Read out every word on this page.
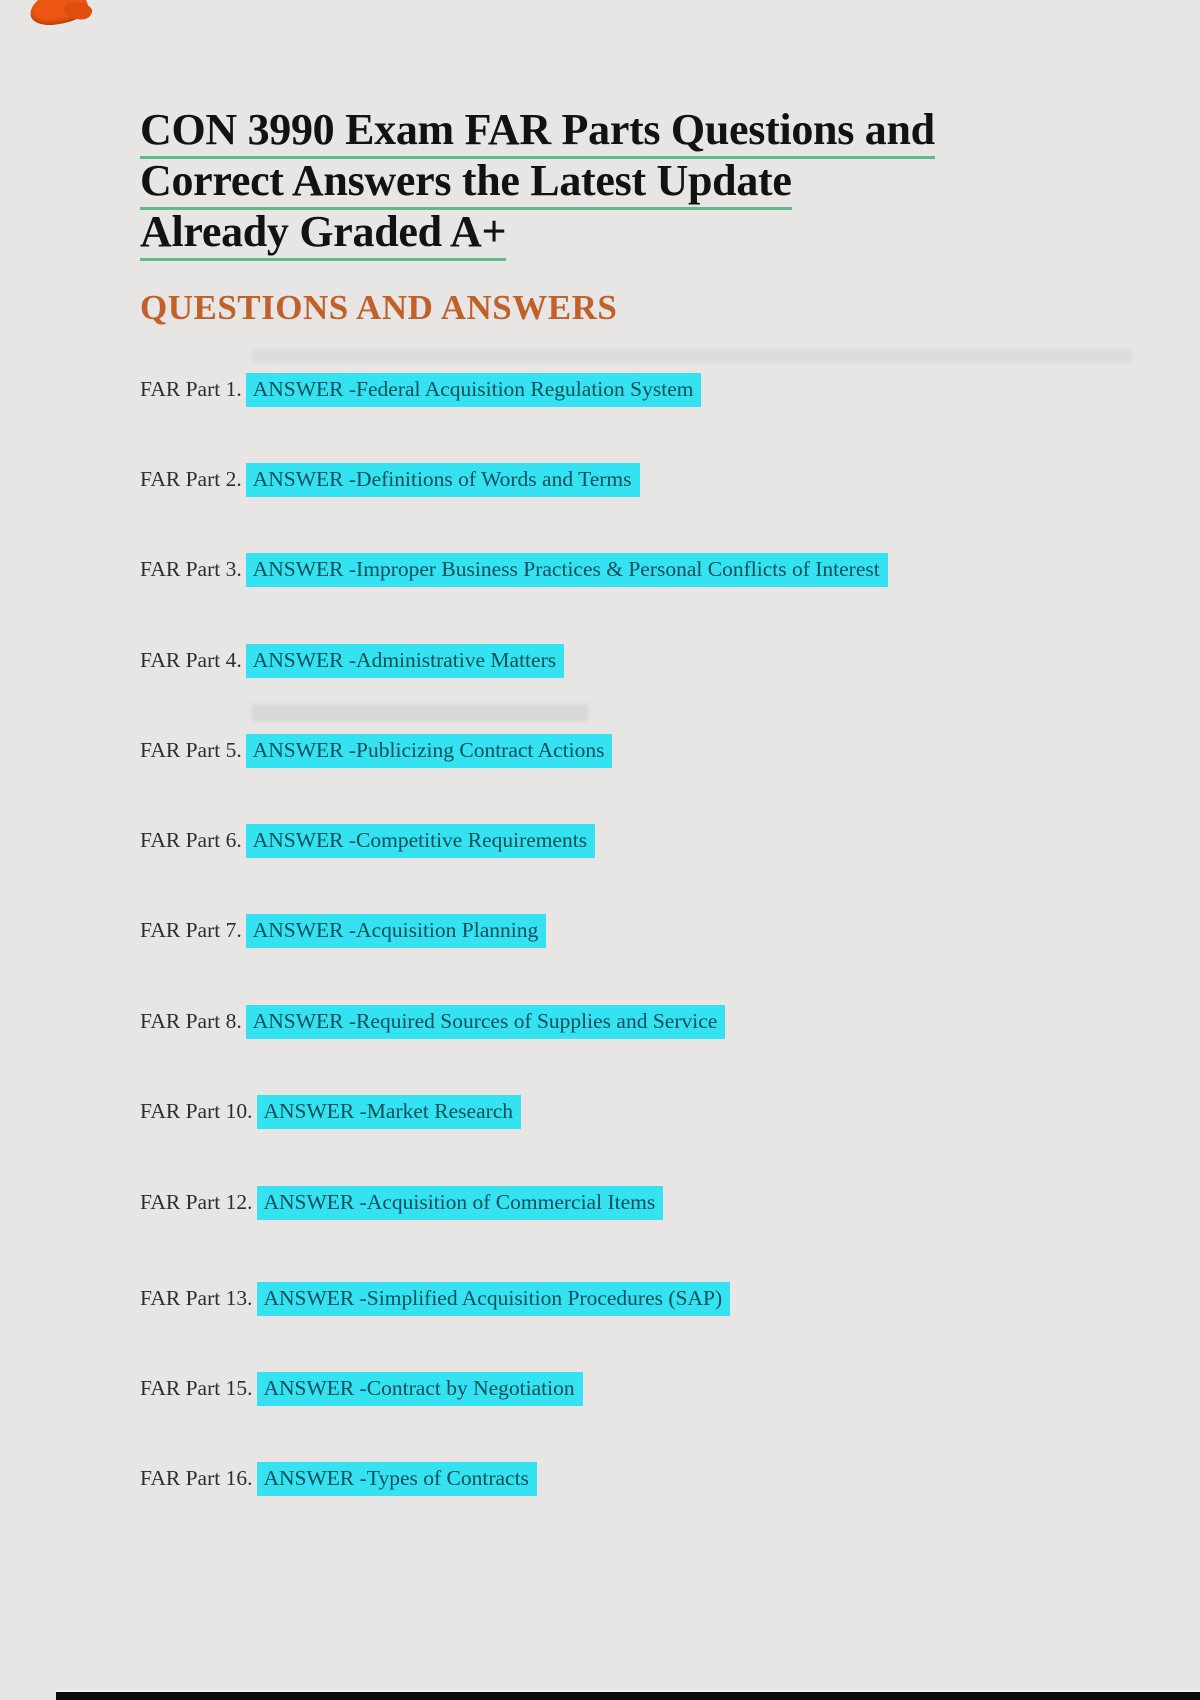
CON 3990 Exam FAR Parts Questions and
Correct Answers the Latest Update
Already Graded A+
QUESTIONS AND ANSWERS
FAR Part 1. ANSWER -Federal Acquisition Regulation System
FAR Part 2. ANSWER -Definitions of Words and Terms
FAR Part 3. ANSWER -Improper Business Practices & Personal Conflicts of Interest
FAR Part 4. ANSWER -Administrative Matters
FAR Part 5. ANSWER -Publicizing Contract Actions
FAR Part 6. ANSWER -Competitive Requirements
FAR Part 7. ANSWER -Acquisition Planning
FAR Part 8. ANSWER -Required Sources of Supplies and Service
FAR Part 10. ANSWER -Market Research
FAR Part 12. ANSWER -Acquisition of Commercial Items
FAR Part 13. ANSWER -Simplified Acquisition Procedures (SAP)
FAR Part 15. ANSWER -Contract by Negotiation
FAR Part 16. ANSWER -Types of Contracts
